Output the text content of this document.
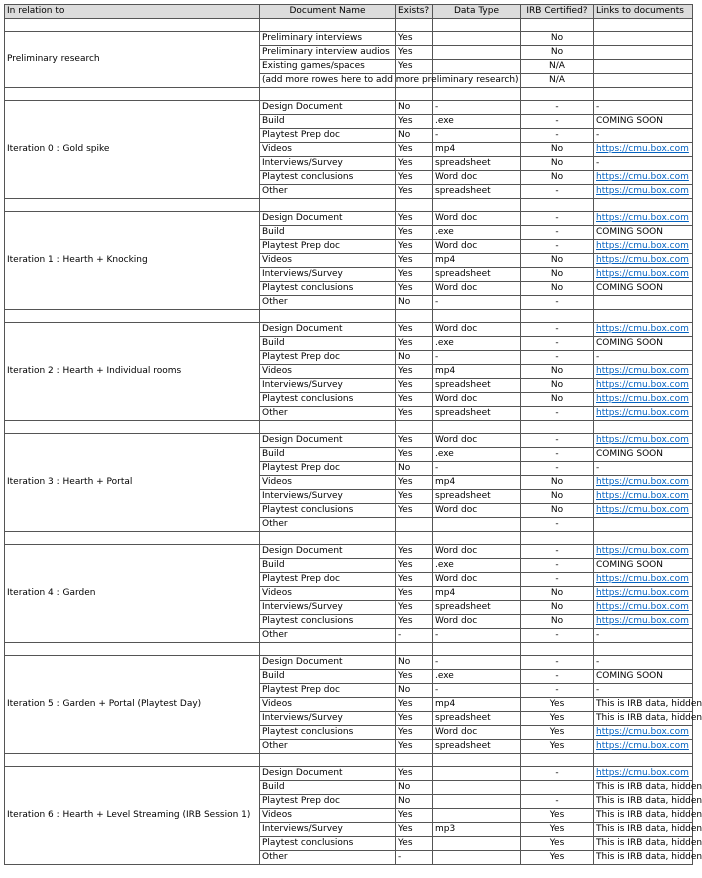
In relation to	Document Name	Exists?	Data Type	IRB Certified?	Links to documents

Preliminary research	Preliminary interviews	Yes		No	
	Preliminary interview audios	Yes		No	
	Existing games/spaces	Yes		N/A	
	(add more rowes here to add more preliminary research)			N/A	

Iteration 0 : Gold spike	Design Document	No	-	-	-
	Build	Yes	.exe	-	COMING SOON
	Playtest Prep doc	No	-	-	-
	Videos	Yes	mp4	No	https://cmu.box.com
	Interviews/Survey	Yes	spreadsheet	No	-
	Playtest conclusions	Yes	Word doc	No	https://cmu.box.com
	Other	Yes	spreadsheet	-	https://cmu.box.com

Iteration 1 : Hearth + Knocking	Design Document	Yes	Word doc	-	https://cmu.box.com
	Build	Yes	.exe	-	COMING SOON
	Playtest Prep doc	Yes	Word doc	-	https://cmu.box.com
	Videos	Yes	mp4	No	https://cmu.box.com
	Interviews/Survey	Yes	spreadsheet	No	https://cmu.box.com
	Playtest conclusions	Yes	Word doc	No	COMING SOON
	Other	No	-	-	

Iteration 2 : Hearth + Individual rooms	Design Document	Yes	Word doc	-	https://cmu.box.com
	Build	Yes	.exe	-	COMING SOON
	Playtest Prep doc	No	-	-	-
	Videos	Yes	mp4	No	https://cmu.box.com
	Interviews/Survey	Yes	spreadsheet	No	https://cmu.box.com
	Playtest conclusions	Yes	Word doc	No	https://cmu.box.com
	Other	Yes	spreadsheet	-	https://cmu.box.com

Iteration 3 : Hearth + Portal	Design Document	Yes	Word doc	-	https://cmu.box.com
	Build	Yes	.exe	-	COMING SOON
	Playtest Prep doc	No	-	-	-
	Videos	Yes	mp4	No	https://cmu.box.com
	Interviews/Survey	Yes	spreadsheet	No	https://cmu.box.com
	Playtest conclusions	Yes	Word doc	No	https://cmu.box.com
	Other			-	

Iteration 4 : Garden	Design Document	Yes	Word doc	-	https://cmu.box.com
	Build	Yes	.exe	-	COMING SOON
	Playtest Prep doc	Yes	Word doc	-	https://cmu.box.com
	Videos	Yes	mp4	No	https://cmu.box.com
	Interviews/Survey	Yes	spreadsheet	No	https://cmu.box.com
	Playtest conclusions	Yes	Word doc	No	https://cmu.box.com
	Other	-	-	-	-

Iteration 5 : Garden + Portal (Playtest Day)	Design Document	No	-	-	-
	Build	Yes	.exe	-	COMING SOON
	Playtest Prep doc	No	-	-	-
	Videos	Yes	mp4	Yes	This is IRB data, hidden
	Interviews/Survey	Yes	spreadsheet	Yes	This is IRB data, hidden
	Playtest conclusions	Yes	Word doc	Yes	https://cmu.box.com
	Other	Yes	spreadsheet	Yes	https://cmu.box.com

Iteration 6 : Hearth + Level Streaming (IRB Session 1)	Design Document	Yes		-	https://cmu.box.com
	Build	No			This is IRB data, hidden
	Playtest Prep doc	No		-	This is IRB data, hidden
	Videos	Yes		Yes	This is IRB data, hidden
	Interviews/Survey	Yes	mp3	Yes	This is IRB data, hidden
	Playtest conclusions	Yes		Yes	This is IRB data, hidden
	Other	-		Yes	This is IRB data, hidden
